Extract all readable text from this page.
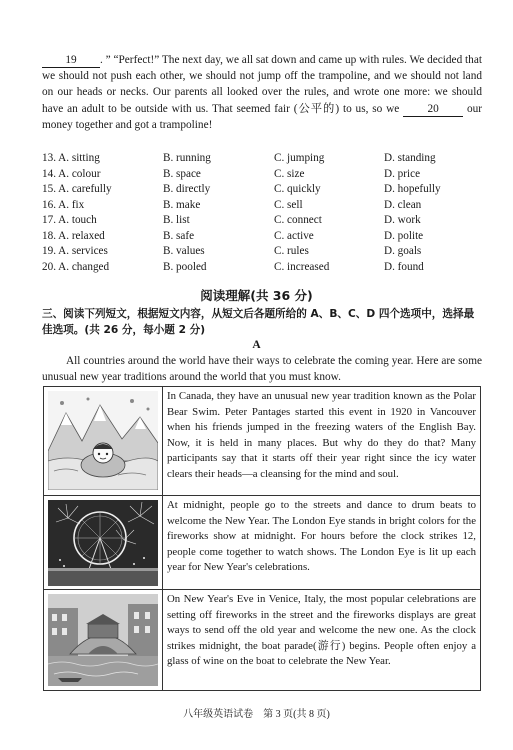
19 . ” “Perfect!” The next day, we all sat down and came up with rules. We decided that we should not push each other, we should not jump off the trampoline, and we should not land on our heads or necks. Our parents all looked over the rules, and wrote one more: we should have an adult to be outside with us. That seemed fair (公平的) to us, so we 20 our money together and got a trampoline!
13. A. sitting	B. running	C. jumping	D. standing
14. A. colour	B. space	C. size	D. price
15. A. carefully	B. directly	C. quickly	D. hopefully
16. A. fix	B. make	C. sell	D. clean
17. A. touch	B. list	C. connect	D. work
18. A. relaxed	B. safe	C. active	D. polite
19. A. services	B. values	C. rules	D. goals
20. A. changed	B. pooled	C. increased	D. found
阅读理解(共 36 分)
三、阅读下列短文，根据短文内容，从短文后各题所给的 A、B、C、D 四个选项中，选择最佳选项。(共 26 分，每小题 2 分)
A
All countries around the world have their ways to celebrate the coming year. Here are some unusual new year traditions around the world that you must know.
In Canada, they have an unusual new year tradition known as the Polar Bear Swim. Peter Pantages started this event in 1920 in Vancouver when his friends jumped in the freezing waters of the English Bay. Now, it is held in many places. But why do they do that? Many participants say that it starts off their year right since the icy water clears their heads—a cleansing for the mind and soul.
At midnight, people go to the streets and dance to drum beats to welcome the New Year. The London Eye stands in bright colors for the fireworks show at midnight. For hours before the clock strikes 12, people come together to watch shows. The London Eye is lit up each year for New Year's celebrations.
On New Year's Eve in Venice, Italy, the most popular celebrations are setting off fireworks in the street and the fireworks displays are great ways to send off the old year and welcome the new one. As the clock strikes midnight, the boat parade(游行) begins. People often enjoy a glass of wine on the boat to celebrate the New Year.
八年级英语试卷　第 3 页(共 8 页)
